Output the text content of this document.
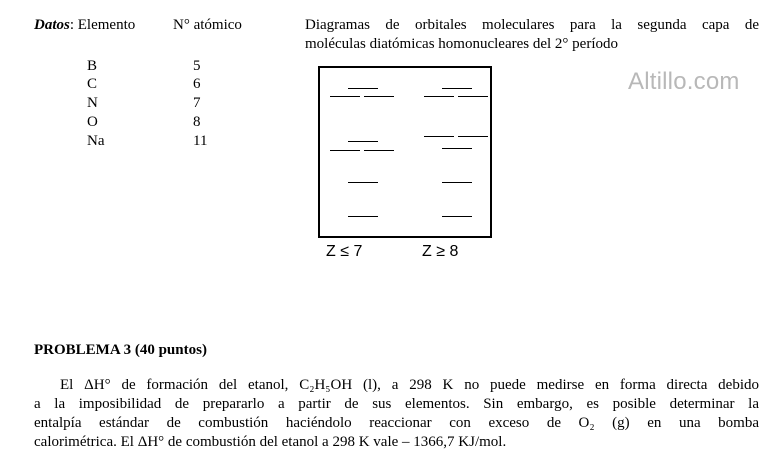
Datos: Elemento	N° atómico
B	5
C	6
N	7
O	8
Na	11
Diagramas de orbitales moleculares para la segunda capa de
moléculas diatómicas homonucleares del 2° período
Altillo.com
Z ≤ 7	Z ≥ 8
PROBLEMA 3 (40 puntos)
El ΔH° de formación del etanol, C₂H₅OH (l), a 298 K no puede medirse en forma directa debido
a la imposibilidad de prepararlo a partir de sus elementos. Sin embargo, es posible determinar la
entalpía estándar de combustión haciéndolo reaccionar con exceso de O₂ (g) en una bomba
calorimétrica. El ΔH° de combustión del etanol a 298 K vale – 1366,7 KJ/mol.
